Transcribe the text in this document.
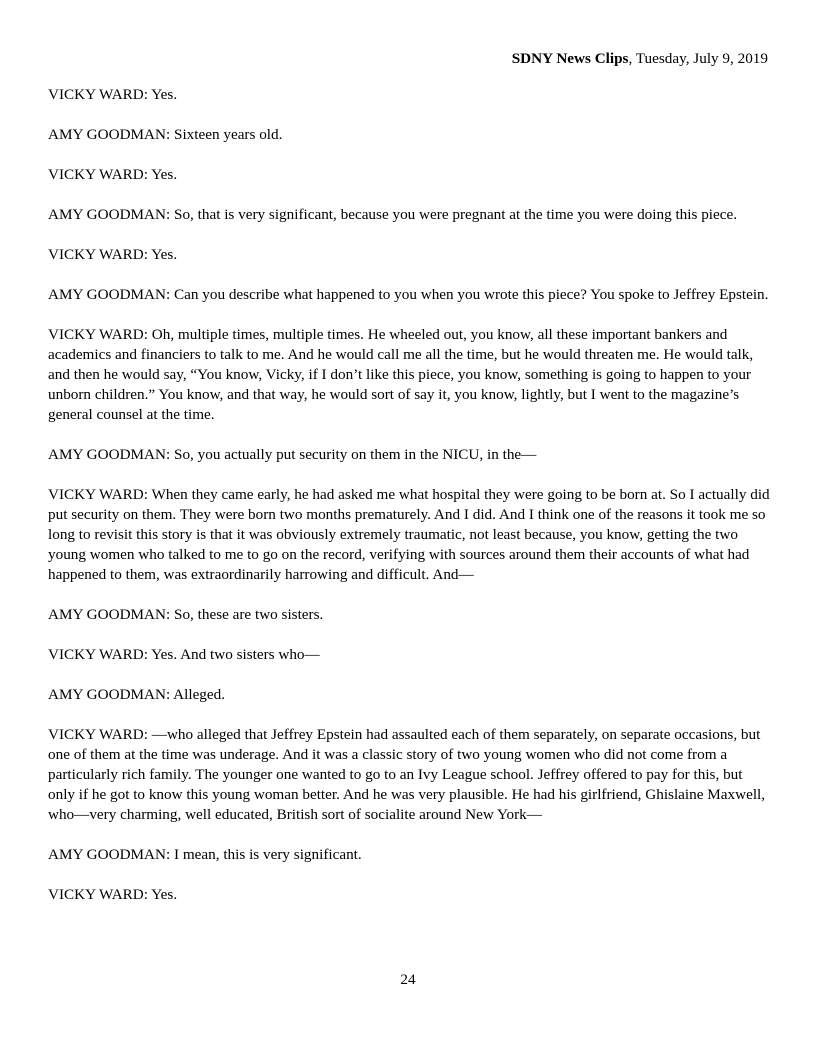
SDNY News Clips, Tuesday, July 9, 2019

VICKY WARD: Yes.

AMY GOODMAN: Sixteen years old.

VICKY WARD: Yes.

AMY GOODMAN: So, that is very significant, because you were pregnant at the time you were doing this piece.

VICKY WARD: Yes.

AMY GOODMAN: Can you describe what happened to you when you wrote this piece? You spoke to Jeffrey Epstein.

VICKY WARD: Oh, multiple times, multiple times. He wheeled out, you know, all these important bankers and academics and financiers to talk to me. And he would call me all the time, but he would threaten me. He would talk, and then he would say, “You know, Vicky, if I don’t like this piece, you know, something is going to happen to your unborn children.” You know, and that way, he would sort of say it, you know, lightly, but I went to the magazine’s general counsel at the time.

AMY GOODMAN: So, you actually put security on them in the NICU, in the—

VICKY WARD: When they came early, he had asked me what hospital they were going to be born at. So I actually did put security on them. They were born two months prematurely. And I did. And I think one of the reasons it took me so long to revisit this story is that it was obviously extremely traumatic, not least because, you know, getting the two young women who talked to me to go on the record, verifying with sources around them their accounts of what had happened to them, was extraordinarily harrowing and difficult. And—

AMY GOODMAN: So, these are two sisters.

VICKY WARD: Yes. And two sisters who—

AMY GOODMAN: Alleged.

VICKY WARD: —who alleged that Jeffrey Epstein had assaulted each of them separately, on separate occasions, but one of them at the time was underage. And it was a classic story of two young women who did not come from a particularly rich family. The younger one wanted to go to an Ivy League school. Jeffrey offered to pay for this, but only if he got to know this young woman better. And he was very plausible. He had his girlfriend, Ghislaine Maxwell, who—very charming, well educated, British sort of socialite around New York—

AMY GOODMAN: I mean, this is very significant.

VICKY WARD: Yes.

24
